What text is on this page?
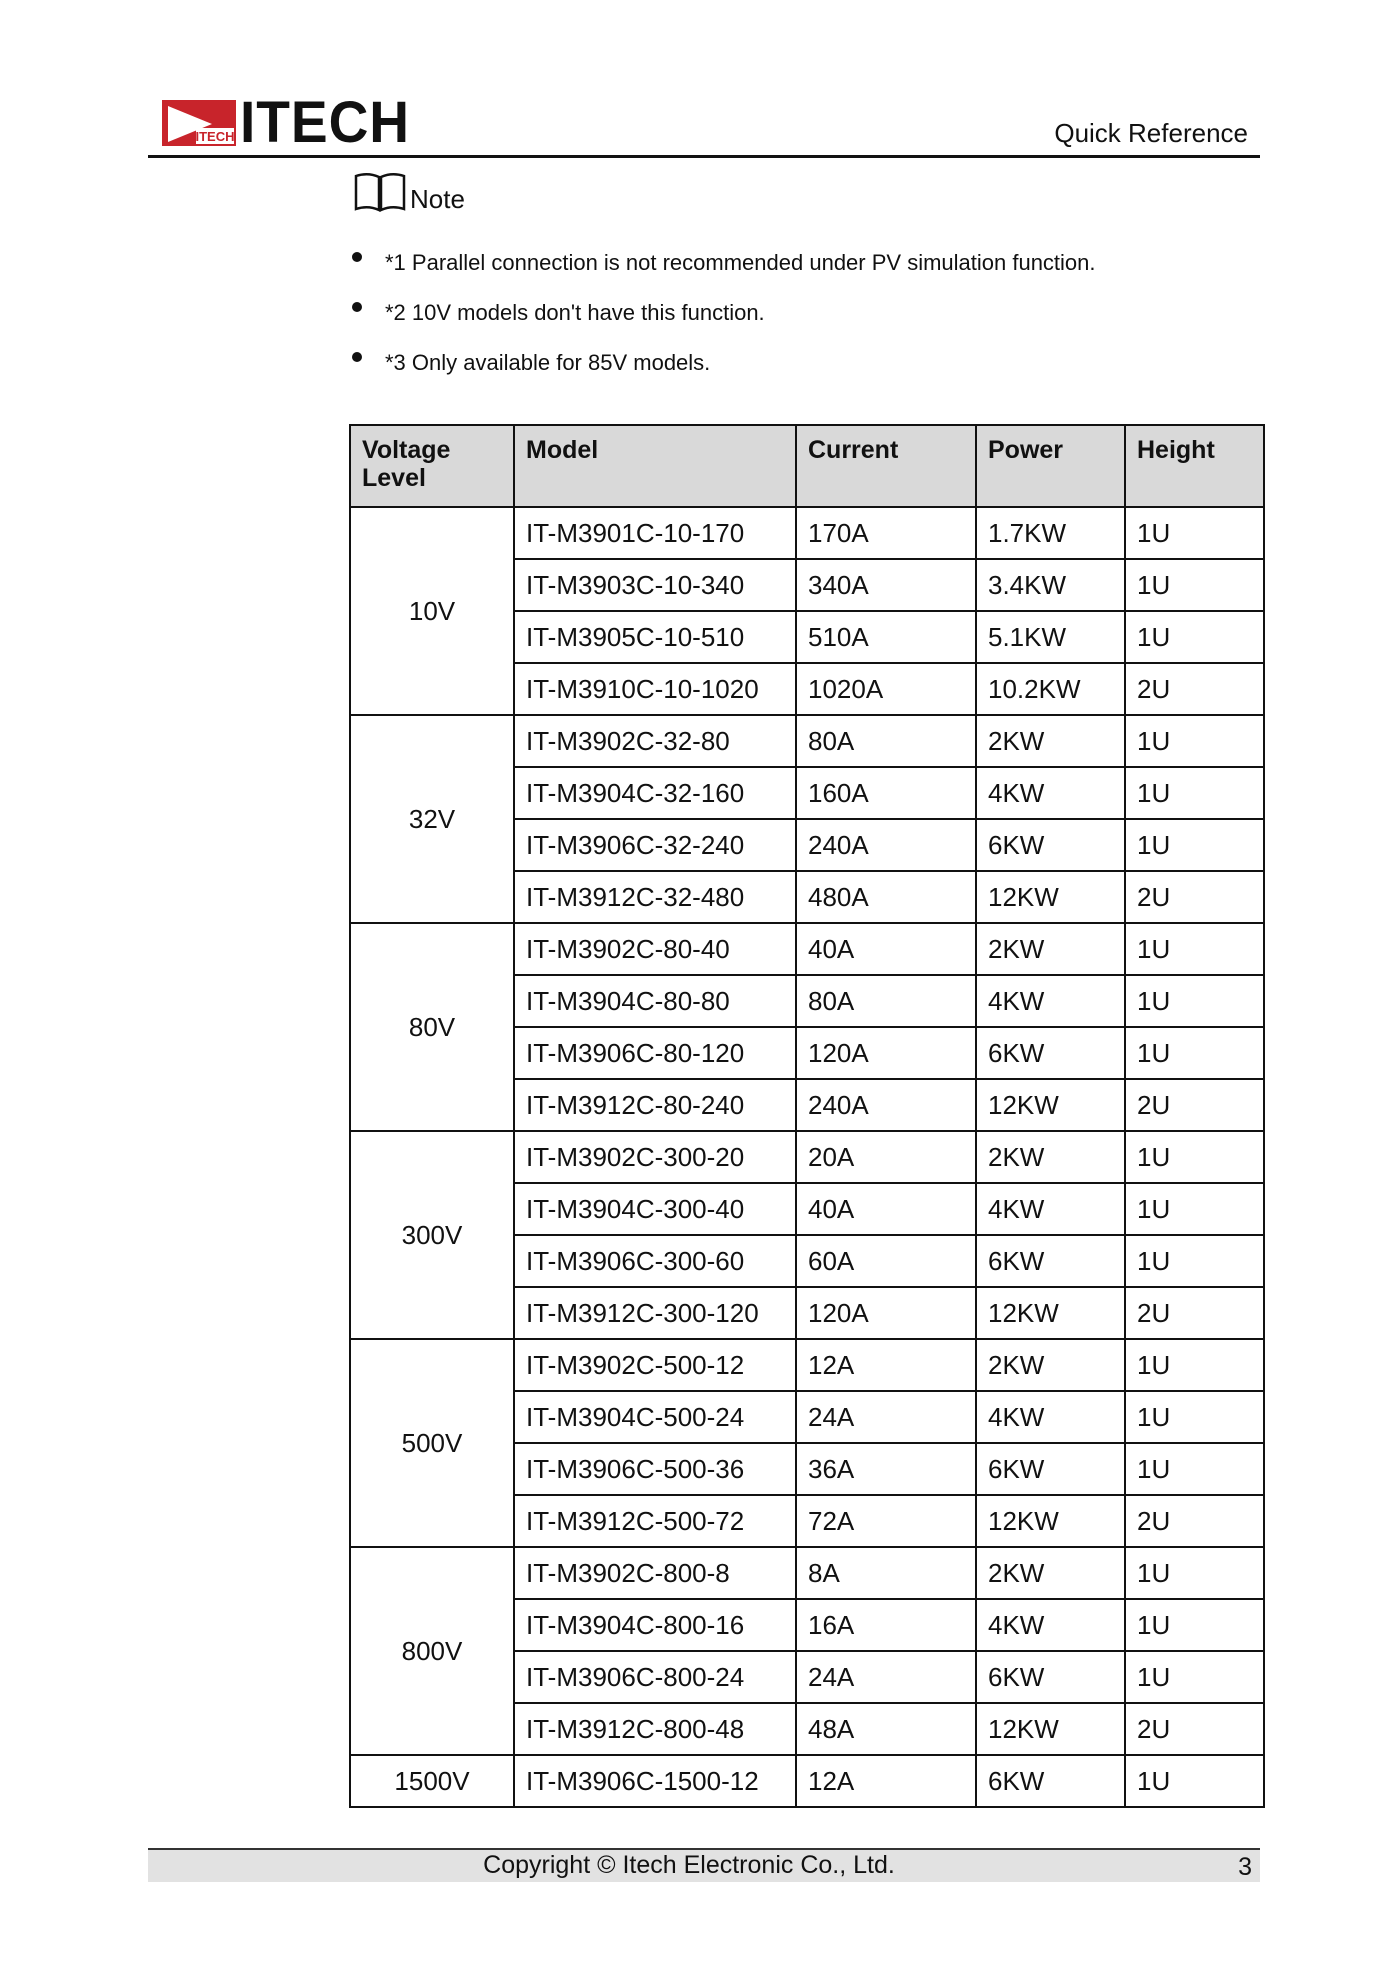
ITECH ITECH	Quick Reference
Note
*1 Parallel connection is not recommended under PV simulation function.
*2 10V models don't have this function.
*3 Only available for 85V models.
Voltage Level	Model	Current	Power	Height
10V	IT-M3901C-10-170	170A	1.7KW	1U
	IT-M3903C-10-340	340A	3.4KW	1U
	IT-M3905C-10-510	510A	5.1KW	1U
	IT-M3910C-10-1020	1020A	10.2KW	2U
32V	IT-M3902C-32-80	80A	2KW	1U
	IT-M3904C-32-160	160A	4KW	1U
	IT-M3906C-32-240	240A	6KW	1U
	IT-M3912C-32-480	480A	12KW	2U
80V	IT-M3902C-80-40	40A	2KW	1U
	IT-M3904C-80-80	80A	4KW	1U
	IT-M3906C-80-120	120A	6KW	1U
	IT-M3912C-80-240	240A	12KW	2U
300V	IT-M3902C-300-20	20A	2KW	1U
	IT-M3904C-300-40	40A	4KW	1U
	IT-M3906C-300-60	60A	6KW	1U
	IT-M3912C-300-120	120A	12KW	2U
500V	IT-M3902C-500-12	12A	2KW	1U
	IT-M3904C-500-24	24A	4KW	1U
	IT-M3906C-500-36	36A	6KW	1U
	IT-M3912C-500-72	72A	12KW	2U
800V	IT-M3902C-800-8	8A	2KW	1U
	IT-M3904C-800-16	16A	4KW	1U
	IT-M3906C-800-24	24A	6KW	1U
	IT-M3912C-800-48	48A	12KW	2U
1500V	IT-M3906C-1500-12	12A	6KW	1U
Copyright © Itech Electronic Co., Ltd.	3
